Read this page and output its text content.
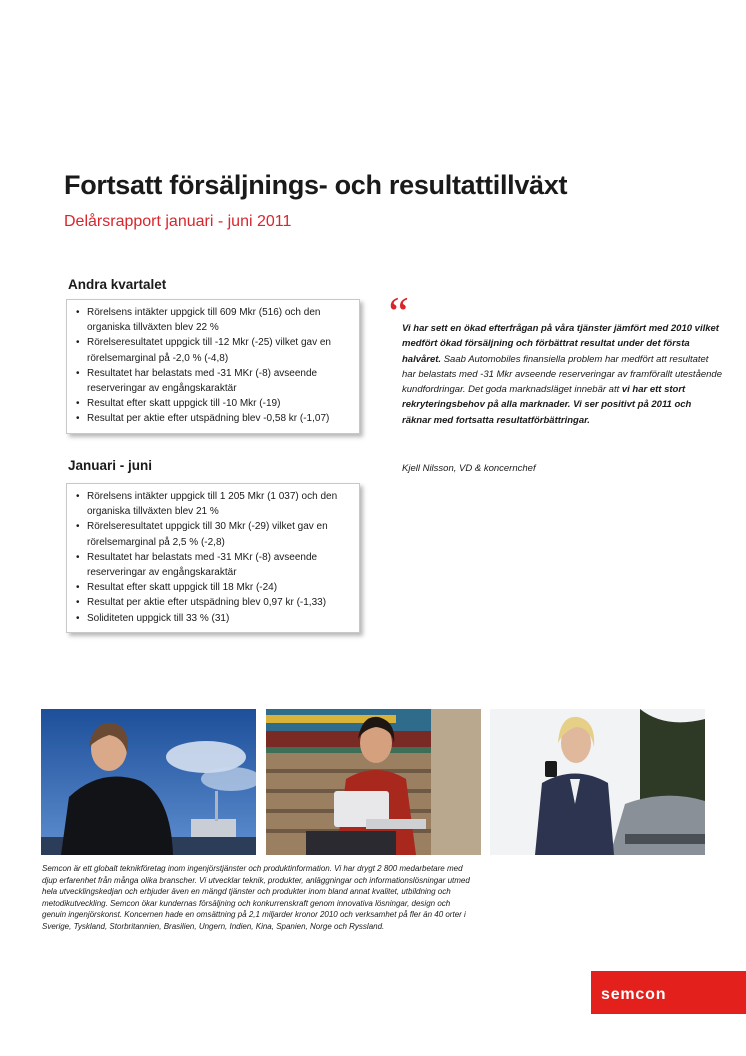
Fortsatt försäljnings- och resultattillväxt
Delårsrapport januari - juni 2011
Andra kvartalet
• Rörelsens intäkter uppgick till 609 Mkr (516) och den organiska tillväxten blev 22 %
• Rörelseresultatet uppgick till -12 Mkr (-25) vilket gav en rörelsemarginal på -2,0 % (-4,8)
• Resultatet har belastats med -31 MKr (-8) avseende reserveringar av engångskaraktär
• Resultat efter skatt uppgick till -10 Mkr (-19)
• Resultat per aktie efter utspädning blev -0,58 kr (-1,07)
Januari - juni
• Rörelsens intäkter uppgick till 1 205 Mkr (1 037) och den organiska tillväxten blev 21 %
• Rörelseresultatet uppgick till 30 Mkr (-29) vilket gav en rörelsemarginal på 2,5 % (-2,8)
• Resultatet har belastats med -31 MKr (-8) avseende reserveringar av engångskaraktär
• Resultat efter skatt uppgick till 18 Mkr (-24)
• Resultat per aktie efter utspädning blev 0,97 kr (-1,33)
• Soliditeten uppgick till 33 % (31)
“
Vi har sett en ökad efterfrågan på våra tjänster jämfört med 2010 vilket medfört ökad försäljning och förbättrat resultat under det första halvåret. Saab Automobiles finansiella problem har medfört att resultatet har belastats med -31 Mkr avseende reserveringar av framförallt utestående kundfordringar. Det goda marknadsläget innebär att vi har ett stort rekryteringsbehov på alla marknader. Vi ser positivt på 2011 och räknar med fortsatta resultatförbättringar.
Kjell Nilsson, VD & koncernchef
Semcon är ett globalt teknikföretag inom ingenjörstjänster och produktinformation. Vi har drygt 2 800 medarbetare med djup erfarenhet från många olika branscher. Vi utvecklar teknik, produkter, anläggningar och informationslösningar utmed hela utvecklingskedjan och erbjuder även en mängd tjänster och produkter inom bland annat kvalitet, utbildning och metodikutveckling. Semcon ökar kundernas försäljning och konkurrenskraft genom innovativa lösningar, design och genuin ingenjörskonst. Koncernen hade en omsättning på 2,1 miljarder kronor 2010 och verksamhet på fler än 40 orter i Sverige, Tyskland, Storbritannien, Brasilien, Ungern, Indien, Kina, Spanien, Norge och Ryssland.
semcon
